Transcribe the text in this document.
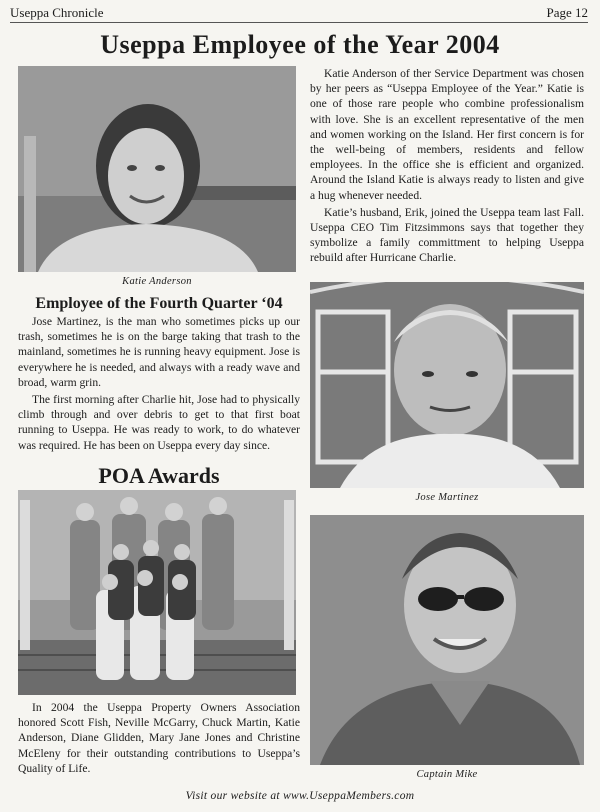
Useppa Chronicle	Page 12
Useppa Employee of the Year 2004
Katie Anderson

Katie Anderson of ther Service Department was chosen by her peers as “Useppa Employee of the Year.” Katie is one of those rare people who combine professionalism with love. She is an excellent representative of the men and women working on the Island. Her first concern is for the well-being of members, residents and fellow employees. In the office she is efficient and organized. Around the Island Katie is always ready to listen and give a hug whenever needed.

Katie’s husband, Erik, joined the Useppa team last Fall. Useppa CEO Tim Fitzsimmons says that together they symbolize a family committment to helping Useppa rebuild after Hurricane Charlie.

Employee of the Fourth Quarter ‘04

Jose Martinez, is the man who sometimes picks up our trash, sometimes he is on the barge taking that trash to the mainland, sometimes he is running heavy equipment. Jose is everywhere he is needed, and always with a ready wave and broad, warm grin.

The first morning after Charlie hit, Jose had to physically climb through and over debris to get to that first boat running to Useppa. He was ready to work, to do whatever was required. He has been on Useppa every day since.

Jose Martinez
POA Awards

In 2004 the Useppa Property Owners Association honored Scott Fish, Neville McGarry, Chuck Martin, Katie Anderson, Diane Glidden, Mary Jane Jones and Christine McEleny for their outstanding contributions to Useppa’s Quality of Life.	Captain Mike
Visit our website at www.UseppaMembers.com
